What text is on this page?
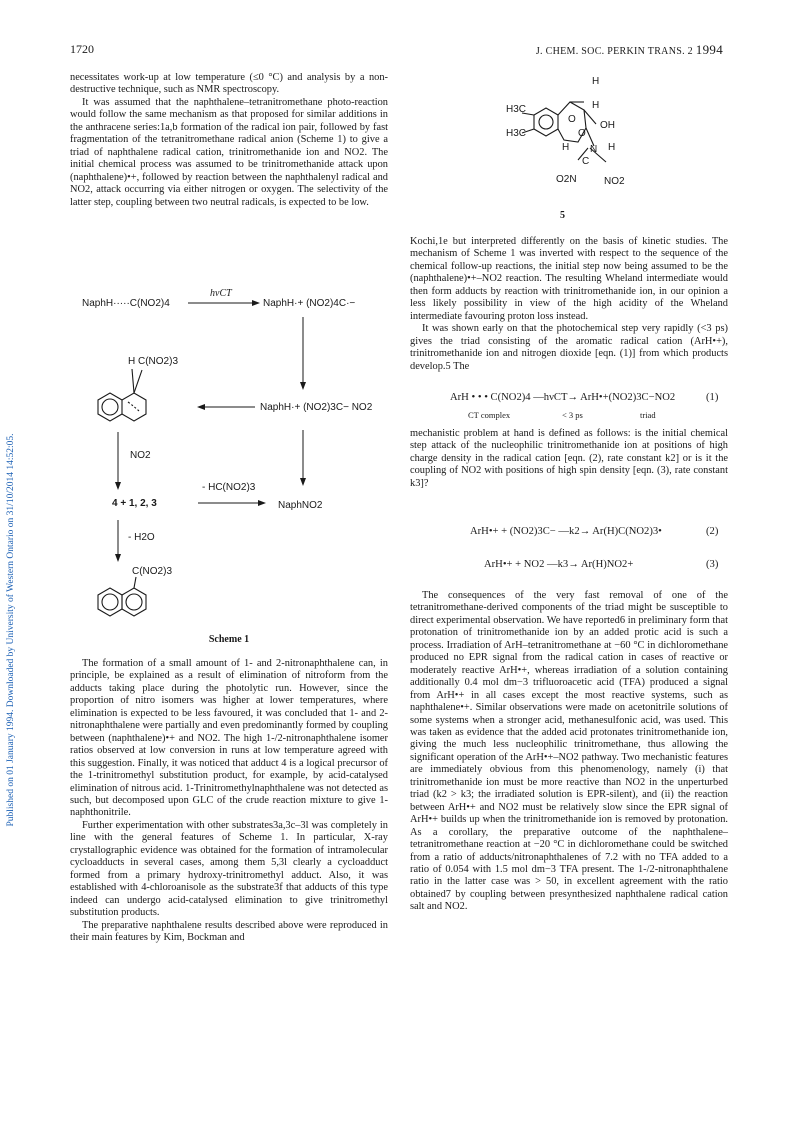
1720	J. CHEM. SOC. PERKIN TRANS. 2 1994
Published on 01 January 1994. Downloaded by University of Western Ontario on 31/10/2014 14:52:05.

necessitates work-up at low temperature (≤0 °C) and analysis by a non-destructive technique, such as NMR spectroscopy.

It was assumed that the naphthalene–tetranitromethane photo-reaction would follow the same mechanism as that proposed for similar additions in the anthracene series:1a,b formation of the radical ion pair, followed by fast fragmentation of the tetranitromethane radical anion (Scheme 1) to give a triad of naphthalene radical cation, trinitromethanide ion and NO2. The initial chemical process was assumed to be trinitromethanide attack upon (naphthalene)•+, followed by reaction between the naphthalenyl radical and NO2, attack occurring via either nitrogen or oxygen. The selectivity of the latter step, coupling between two neutral radicals, is expected to be low.

NaphH·····C(NO2)4
hνCT
NaphH·+ (NO2)4C·−
H C(NO2)3
NaphH·+ (NO2)3C− NO2
NO2
- HC(NO2)3
4 + 1, 2, 3	NaphNO2
- H2O
C(NO2)3
Scheme 1

The formation of a small amount of 1- and 2-nitronaphthalene can, in principle, be explained as a result of elimination of nitroform from the adducts taking place during the photolytic run. However, since the proportion of nitro isomers was higher at lower temperatures, where elimination is expected to be less favoured, it was concluded that 1- and 2-nitronaphthalene were partially and even predominantly formed by coupling between (naphthalene)•+ and NO2. The high 1-/2-nitronaphthalene isomer ratios observed at low conversion in runs at low temperature agreed with this suggestion. Finally, it was noticed that adduct 4 is a logical precursor of the 1-trinitromethyl substitution product, for example, by acid-catalysed elimination of nitrous acid. 1-Trinitromethylnaphthalene was not detected as such, but decomposed upon GLC of the crude reaction mixture to give 1-naphthonitrile.

Further experimentation with other substrates3a,3c–3l was completely in line with the general features of Scheme 1. In particular, X-ray crystallographic evidence was obtained for the formation of intramolecular cycloadducts in several cases, among them 5,3l clearly a cycloadduct formed from a primary hydroxy-trinitromethyl adduct. Also, it was established with 4-chloroanisole as the substrate3f that adducts of this type indeed can undergo acid-catalysed elimination to give trinitromethyl substitution products.

The preparative naphthalene results described above were reproduced in their main features by Kim, Bockman and

H
H3C
H3C
H
OH
O
O
N
H	H
C
O2N	NO2
5

Kochi,1e but interpreted differently on the basis of kinetic studies. The mechanism of Scheme 1 was inverted with respect to the sequence of the chemical follow-up reactions, the initial step now being assumed to be the (naphthalene)•+–NO2 reaction. The resulting Wheland intermediate would then form adducts by reaction with trinitromethanide ion, in our opinion a less likely possibility in view of the high acidity of the Wheland intermediate favouring proton loss instead.

It was shown early on that the photochemical step very rapidly (<3 ps) gives the triad consisting of the aromatic radical cation (ArH•+), trinitromethanide ion and nitrogen dioxide [eqn. (1)] from which products develop.5 The

ArH • • • C(NO2)4 —hνCT→ ArH•+(NO2)3C−NO2	(1)
CT complex	< 3 ps	triad

mechanistic problem at hand is defined as follows: is the initial chemical step attack of the nucleophilic trinitromethanide ion at positions of high charge density in the radical cation [eqn. (2), rate constant k2] or is it the coupling of NO2 with positions of high spin density [eqn. (3), rate constant k3]?

ArH•+ + (NO2)3C− —k2→ Ar(H)C(NO2)3•	(2)
ArH•+ + NO2 —k3→ Ar(H)NO2+	(3)

The consequences of the very fast removal of one of the tetranitromethane-derived components of the triad might be susceptible to direct experimental observation. We have reported6 in preliminary form that protonation of trinitromethanide ion by an added protic acid is such a process. Irradiation of ArH–tetranitromethane at −60 °C in dichloromethane produced no EPR signal from the radical cation in cases of reactive or moderately reactive ArH•+, whereas irradiation of a solution containing additionally 0.4 mol dm−3 trifluoroacetic acid (TFA) produced a signal from ArH•+ in all cases except the most reactive systems, such as naphthalene•+. Similar observations were made on acetonitrile solutions of some systems when a stronger acid, methanesulfonic acid, was used. This was taken as evidence that the added acid protonates trinitromethanide ion, giving the much less nucleophilic trinitromethane, thus allowing the significant operation of the ArH•+–NO2 pathway. Two mechanistic features are immediately obvious from this phenomenology, namely (i) that trinitromethanide ion must be more reactive than NO2 in the unperturbed triad (k2 > k3; the irradiated solution is EPR-silent), and (ii) the reaction between ArH•+ and NO2 must be relatively slow since the EPR signal of ArH•+ builds up when the trinitromethanide ion is removed by protonation. As a corollary, the preparative outcome of the naphthalene–tetranitromethane reaction at −20 °C in dichloromethane could be switched from a ratio of adducts/nitronaphthalenes of 7.2 with no TFA added to a ratio of 0.054 with 1.5 mol dm−3 TFA present. The 1-/2-nitronaphthalene ratio in the latter case was > 50, in excellent agreement with the ratio obtained7 by coupling between presynthesized naphthalene radical cation salt and NO2.
